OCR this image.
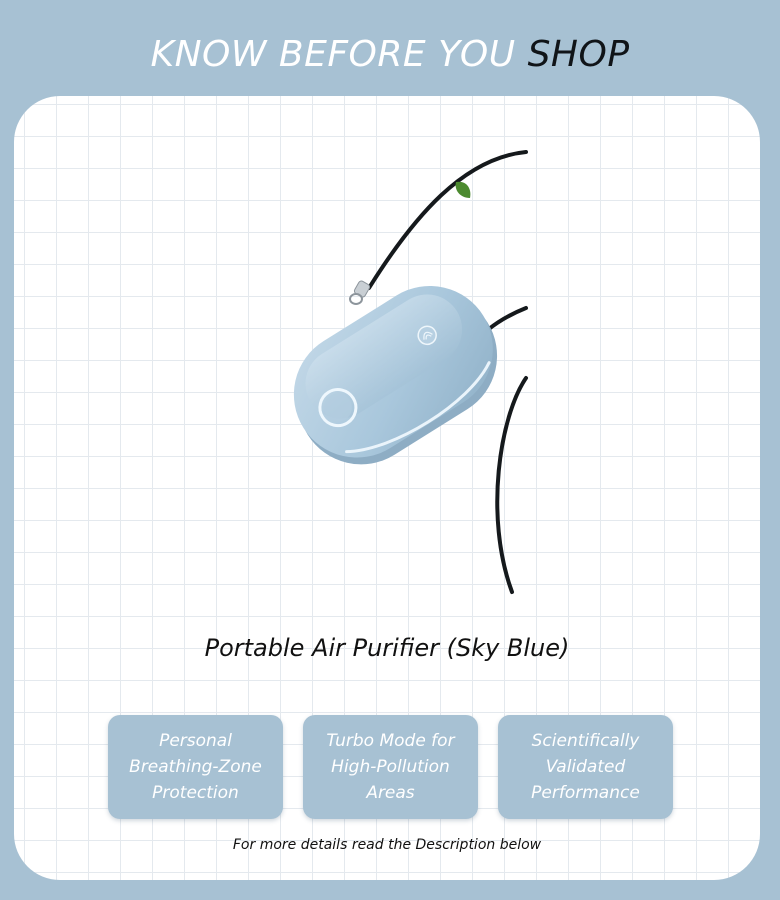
KNOW BEFORE YOU SHOP
Portable Air Purifier (Sky Blue)
Personal Breathing-Zone Protection
Turbo Mode for High-Pollution Areas
Scientifically Validated Performance
For more details read the Description below
